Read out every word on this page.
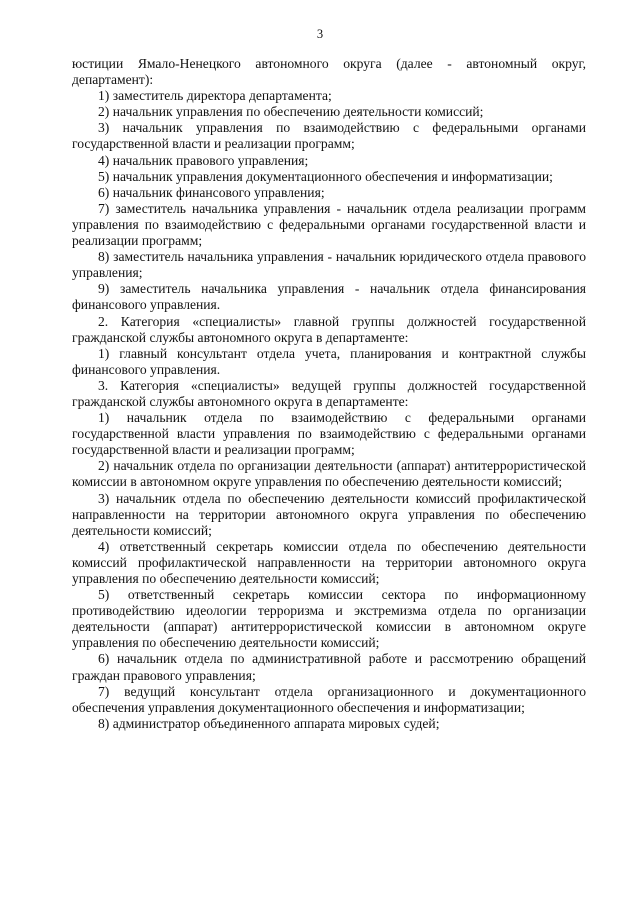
3

юстиции Ямало-Ненецкого автономного округа (далее - автономный округ, департамент):

1) заместитель директора департамента;

2) начальник управления по обеспечению деятельности комиссий;

3) начальник управления по взаимодействию с федеральными органами государственной власти и реализации программ;

4) начальник правового управления;

5) начальник управления документационного обеспечения и информатизации;

6) начальник финансового управления;

7) заместитель начальника управления - начальник отдела реализации программ управления по взаимодействию с федеральными органами государственной власти и реализации программ;

8) заместитель начальника управления - начальник юридического отдела правового управления;

9) заместитель начальника управления - начальник отдела финансирования финансового управления.

2. Категория «специалисты» главной группы должностей государственной гражданской службы автономного округа в департаменте:

1) главный консультант отдела учета, планирования и контрактной службы финансового управления.

3. Категория «специалисты» ведущей группы должностей государственной гражданской службы автономного округа в департаменте:

1) начальник отдела по взаимодействию с федеральными органами государственной власти управления по взаимодействию с федеральными органами государственной власти и реализации программ;

2) начальник отдела по организации деятельности (аппарат) антитеррористической комиссии в автономном округе управления по обеспечению деятельности комиссий;

3) начальник отдела по обеспечению деятельности комиссий профилактической направленности на территории автономного округа управления по обеспечению деятельности комиссий;

4) ответственный секретарь комиссии отдела по обеспечению деятельности комиссий профилактической направленности на территории автономного округа управления по обеспечению деятельности комиссий;

5) ответственный секретарь комиссии сектора по информационному противодействию идеологии терроризма и экстремизма отдела по организации деятельности (аппарат) антитеррористической комиссии в автономном округе управления по обеспечению деятельности комиссий;

6) начальник отдела по административной работе и рассмотрению обращений граждан правового управления;

7) ведущий консультант отдела организационного и документационного обеспечения управления документационного обеспечения и информатизации;

8) администратор объединенного аппарата мировых судей;
